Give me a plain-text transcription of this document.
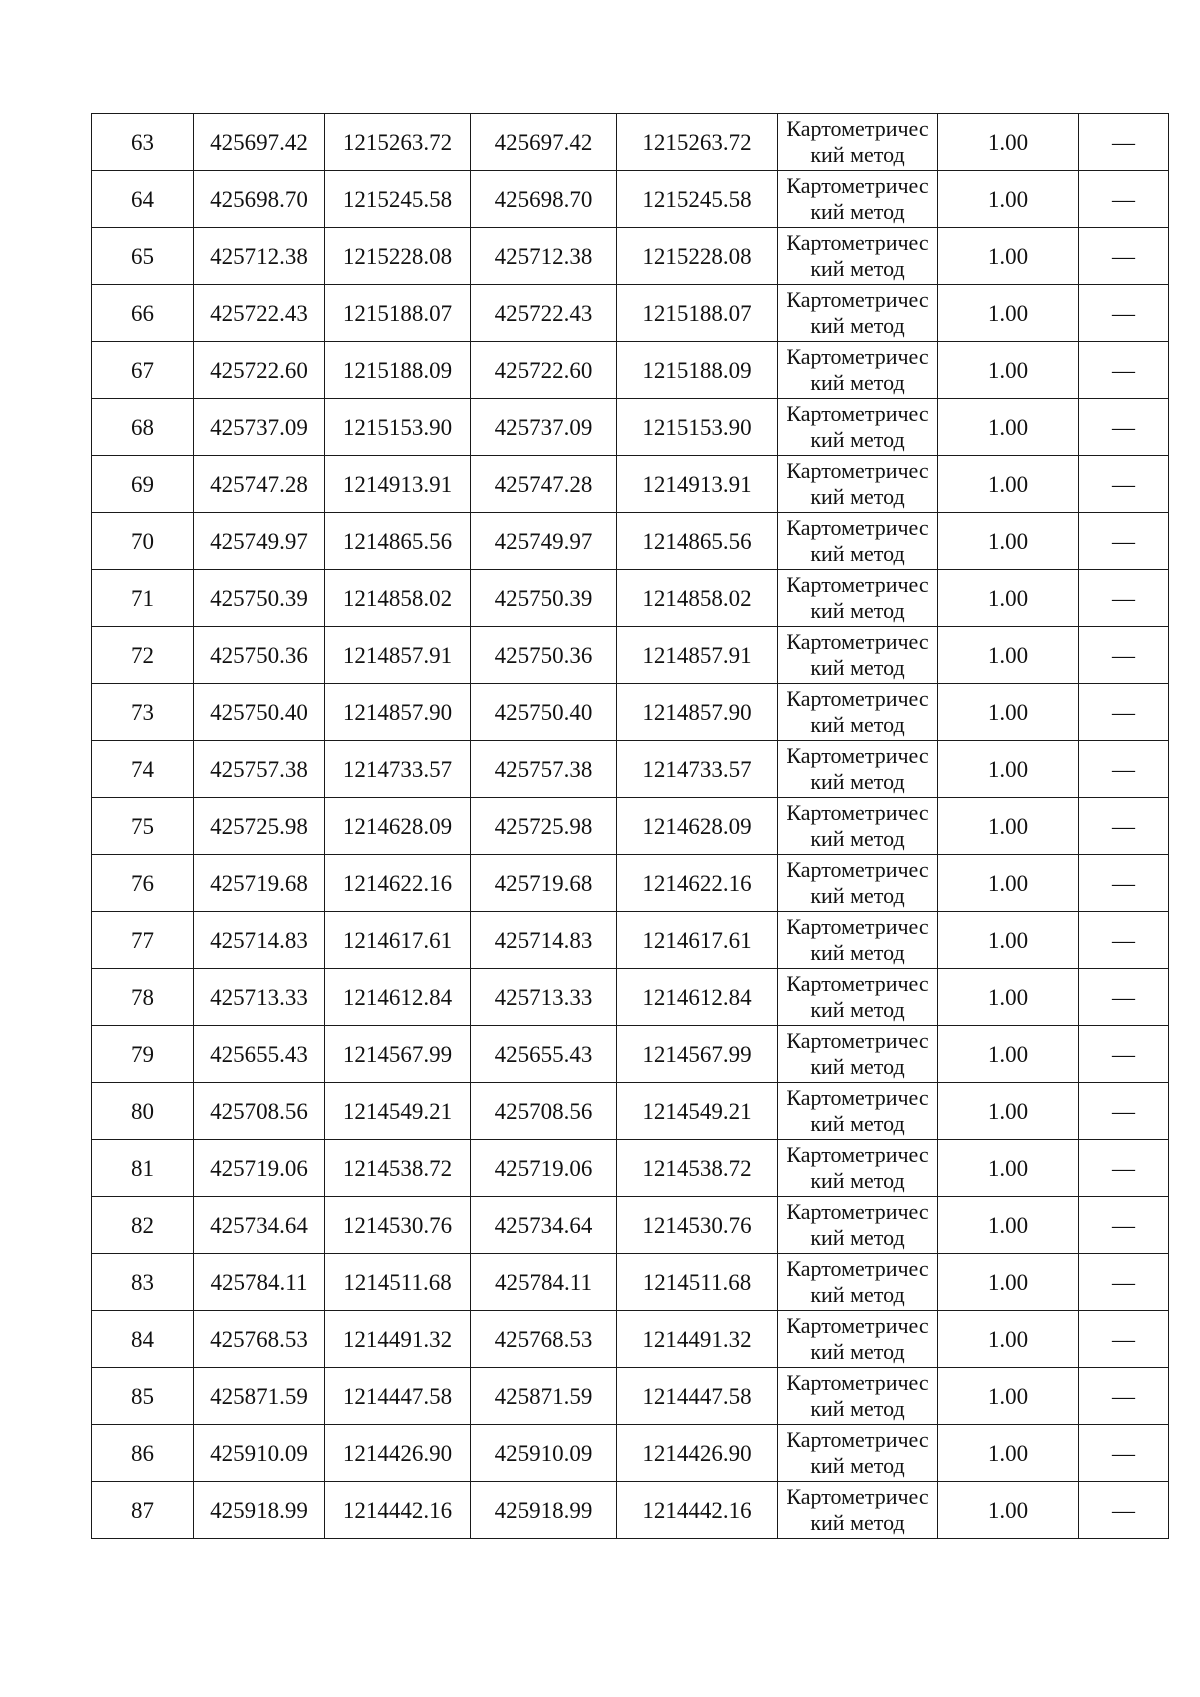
63	425697.42	1215263.72	425697.42	1215263.72	Картометрический метод	1.00	—
64	425698.70	1215245.58	425698.70	1215245.58	Картометрический метод	1.00	—
65	425712.38	1215228.08	425712.38	1215228.08	Картометрический метод	1.00	—
66	425722.43	1215188.07	425722.43	1215188.07	Картометрический метод	1.00	—
67	425722.60	1215188.09	425722.60	1215188.09	Картометрический метод	1.00	—
68	425737.09	1215153.90	425737.09	1215153.90	Картометрический метод	1.00	—
69	425747.28	1214913.91	425747.28	1214913.91	Картометрический метод	1.00	—
70	425749.97	1214865.56	425749.97	1214865.56	Картометрический метод	1.00	—
71	425750.39	1214858.02	425750.39	1214858.02	Картометрический метод	1.00	—
72	425750.36	1214857.91	425750.36	1214857.91	Картометрический метод	1.00	—
73	425750.40	1214857.90	425750.40	1214857.90	Картометрический метод	1.00	—
74	425757.38	1214733.57	425757.38	1214733.57	Картометрический метод	1.00	—
75	425725.98	1214628.09	425725.98	1214628.09	Картометрический метод	1.00	—
76	425719.68	1214622.16	425719.68	1214622.16	Картометрический метод	1.00	—
77	425714.83	1214617.61	425714.83	1214617.61	Картометрический метод	1.00	—
78	425713.33	1214612.84	425713.33	1214612.84	Картометрический метод	1.00	—
79	425655.43	1214567.99	425655.43	1214567.99	Картометрический метод	1.00	—
80	425708.56	1214549.21	425708.56	1214549.21	Картометрический метод	1.00	—
81	425719.06	1214538.72	425719.06	1214538.72	Картометрический метод	1.00	—
82	425734.64	1214530.76	425734.64	1214530.76	Картометрический метод	1.00	—
83	425784.11	1214511.68	425784.11	1214511.68	Картометрический метод	1.00	—
84	425768.53	1214491.32	425768.53	1214491.32	Картометрический метод	1.00	—
85	425871.59	1214447.58	425871.59	1214447.58	Картометрический метод	1.00	—
86	425910.09	1214426.90	425910.09	1214426.90	Картометрический метод	1.00	—
87	425918.99	1214442.16	425918.99	1214442.16	Картометрический метод	1.00	—
